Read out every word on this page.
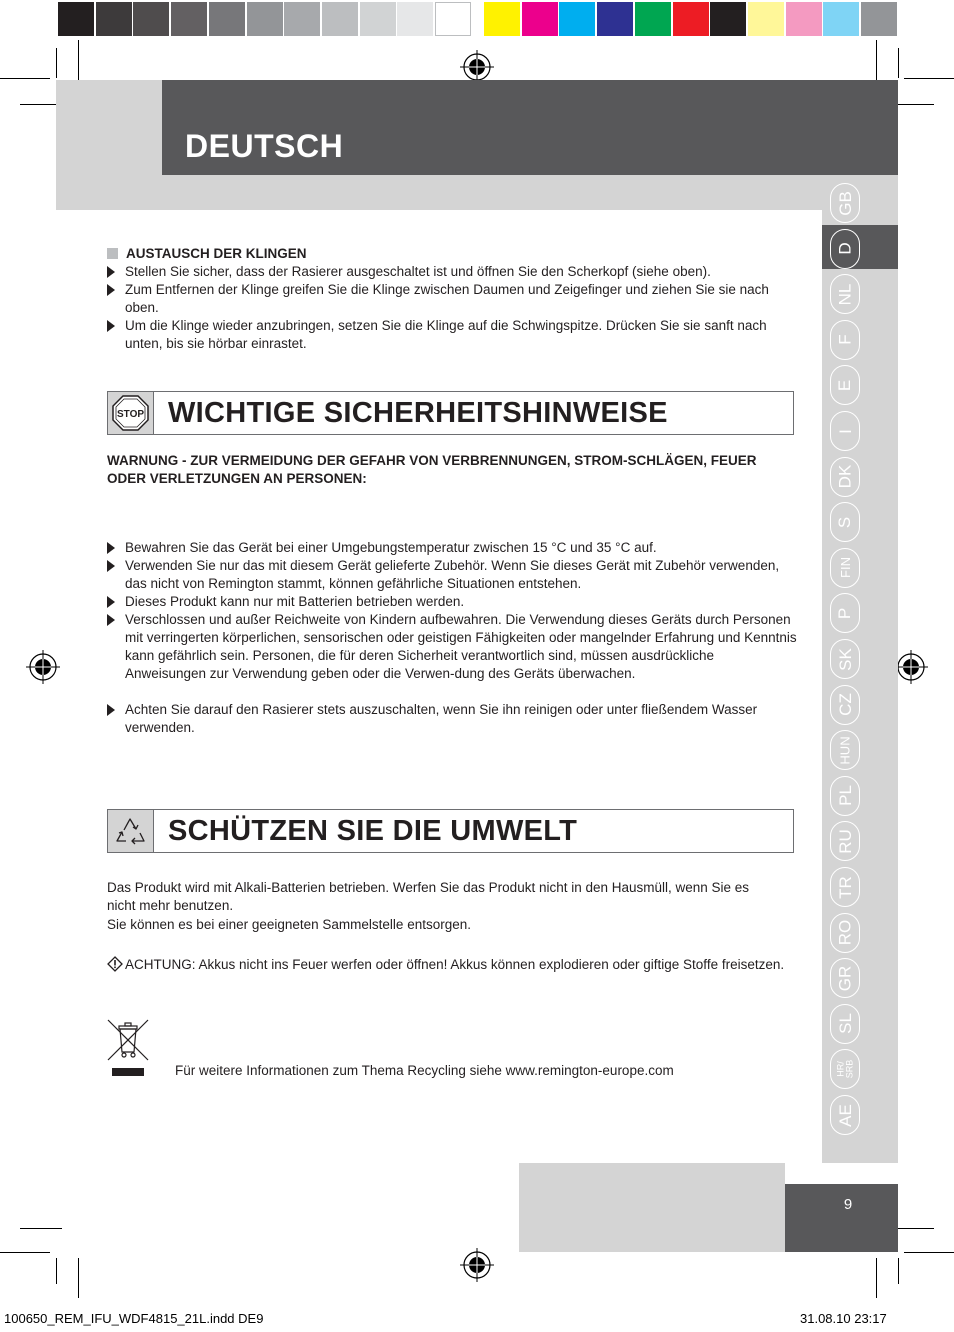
DEUTSCH
GB
D
NL
F
E
I
DK
S
FIN
P
SK
CZ
HUN
PL
RU
TR
RO
GR
SL
HR/
SRB
AE
AUSTAUSCH DER KLINGEN
Stellen Sie sicher, dass der Rasierer ausgeschaltet ist und öffnen Sie den Scherkopf (siehe oben).
Zum Entfernen der Klinge greifen Sie die Klinge zwischen Daumen und Zeigefinger und ziehen Sie sie nach oben.
Um die Klinge wieder anzubringen, setzen Sie die Klinge auf die Schwingspitze. Drücken Sie sie sanft nach unten, bis sie hörbar einrastet.
STOP WICHTIGE SICHERHEITSHINWEISE
WARNUNG - ZUR VERMEIDUNG DER GEFAHR VON VERBRENNUNGEN, STROM-SCHLÄGEN, FEUER ODER VERLETZUNGEN AN PERSONEN:
Bewahren Sie das Gerät bei einer Umgebungstemperatur zwischen 15 °C und 35 °C auf.
Verwenden Sie nur das mit diesem Gerät gelieferte Zubehör. Wenn Sie dieses Gerät mit Zubehör verwenden, das nicht von Remington stammt, können gefährliche Situationen entstehen.
Dieses Produkt kann nur mit Batterien betrieben werden.
Verschlossen und außer Reichweite von Kindern aufbewahren. Die Verwendung dieses Geräts durch Personen mit verringerten körperlichen, sensorischen oder geistigen Fähigkeiten oder mangelnder Erfahrung und Kenntnis kann gefährlich sein. Personen, die für deren Sicherheit verantwortlich sind, müssen ausdrückliche Anweisungen zur Verwendung geben oder die Verwen-dung des Geräts überwachen.
Achten Sie darauf den Rasierer stets auszuschalten, wenn Sie ihn reinigen oder unter fließendem Wasser verwenden.
SCHÜTZEN SIE DIE UMWELT
Das Produkt wird mit Alkali-Batterien betrieben. Werfen Sie das Produkt nicht in den Hausmüll, wenn Sie es nicht mehr benutzen.
Sie können es bei einer geeigneten Sammelstelle entsorgen.
ACHTUNG: Akkus nicht ins Feuer werfen oder öffnen! Akkus können explodieren oder giftige Stoffe freisetzen.
Für weitere Informationen zum Thema Recycling siehe www.remington-europe.com
9
100650_REM_IFU_WDF4815_21L.indd DE9	31.08.10 23:17
